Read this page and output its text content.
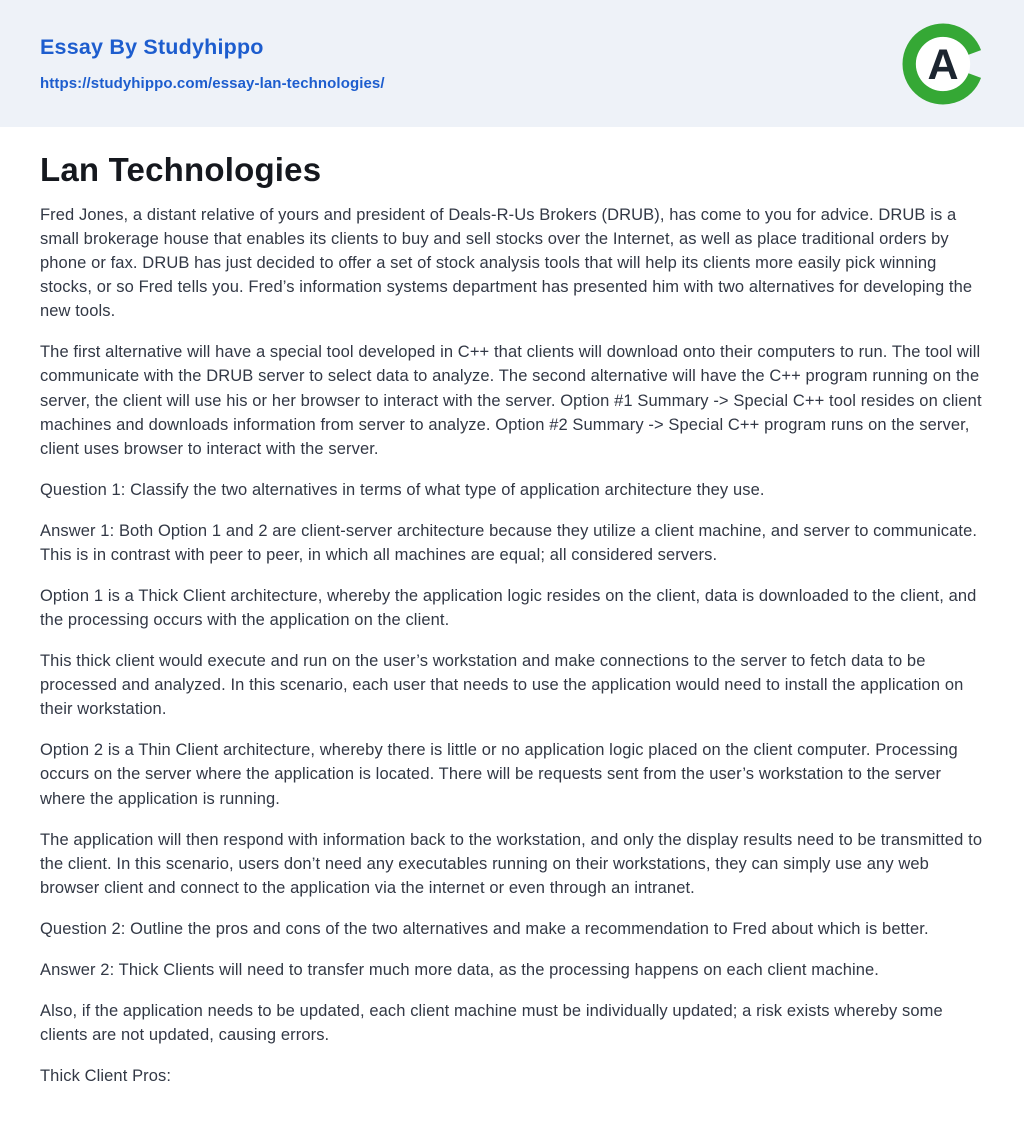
Essay By Studyhippo
https://studyhippo.com/essay-lan-technologies/	A
Lan Technologies

Fred Jones, a distant relative of yours and president of Deals-R-Us Brokers (DRUB), has come to you for advice. DRUB is a small brokerage house that enables its clients to buy and sell stocks over the Internet, as well as place traditional orders by phone or fax. DRUB has just decided to offer a set of stock analysis tools that will help its clients more easily pick winning stocks, or so Fred tells you. Fred’s information systems department has presented him with two alternatives for developing the new tools.

The first alternative will have a special tool developed in C++ that clients will download onto their computers to run. The tool will communicate with the DRUB server to select data to analyze. The second alternative will have the C++ program running on the server, the client will use his or her browser to interact with the server. Option #1 Summary -> Special C++ tool resides on client machines and downloads information from server to analyze. Option #2 Summary -> Special C++ program runs on the server, client uses browser to interact with the server.

Question 1: Classify the two alternatives in terms of what type of application architecture they use.

Answer 1: Both Option 1 and 2 are client-server architecture because they utilize a client machine, and server to communicate. This is in contrast with peer to peer, in which all machines are equal; all considered servers.

Option 1 is a Thick Client architecture, whereby the application logic resides on the client, data is downloaded to the client, and the processing occurs with the application on the client.

This thick client would execute and run on the user’s workstation and make connections to the server to fetch data to be processed and analyzed. In this scenario, each user that needs to use the application would need to install the application on their workstation.

Option 2 is a Thin Client architecture, whereby there is little or no application logic placed on the client computer. Processing occurs on the server where the application is located. There will be requests sent from the user’s workstation to the server where the application is running.

The application will then respond with information back to the workstation, and only the display results need to be transmitted to the client. In this scenario, users don’t need any executables running on their workstations, they can simply use any web browser client and connect to the application via the internet or even through an intranet.

Question 2: Outline the pros and cons of the two alternatives and make a recommendation to Fred about which is better.

Answer 2: Thick Clients will need to transfer much more data, as the processing happens on each client machine.

Also, if the application needs to be updated, each client machine must be individually updated; a risk exists whereby some clients are not updated, causing errors.

Thick Client Pros:
